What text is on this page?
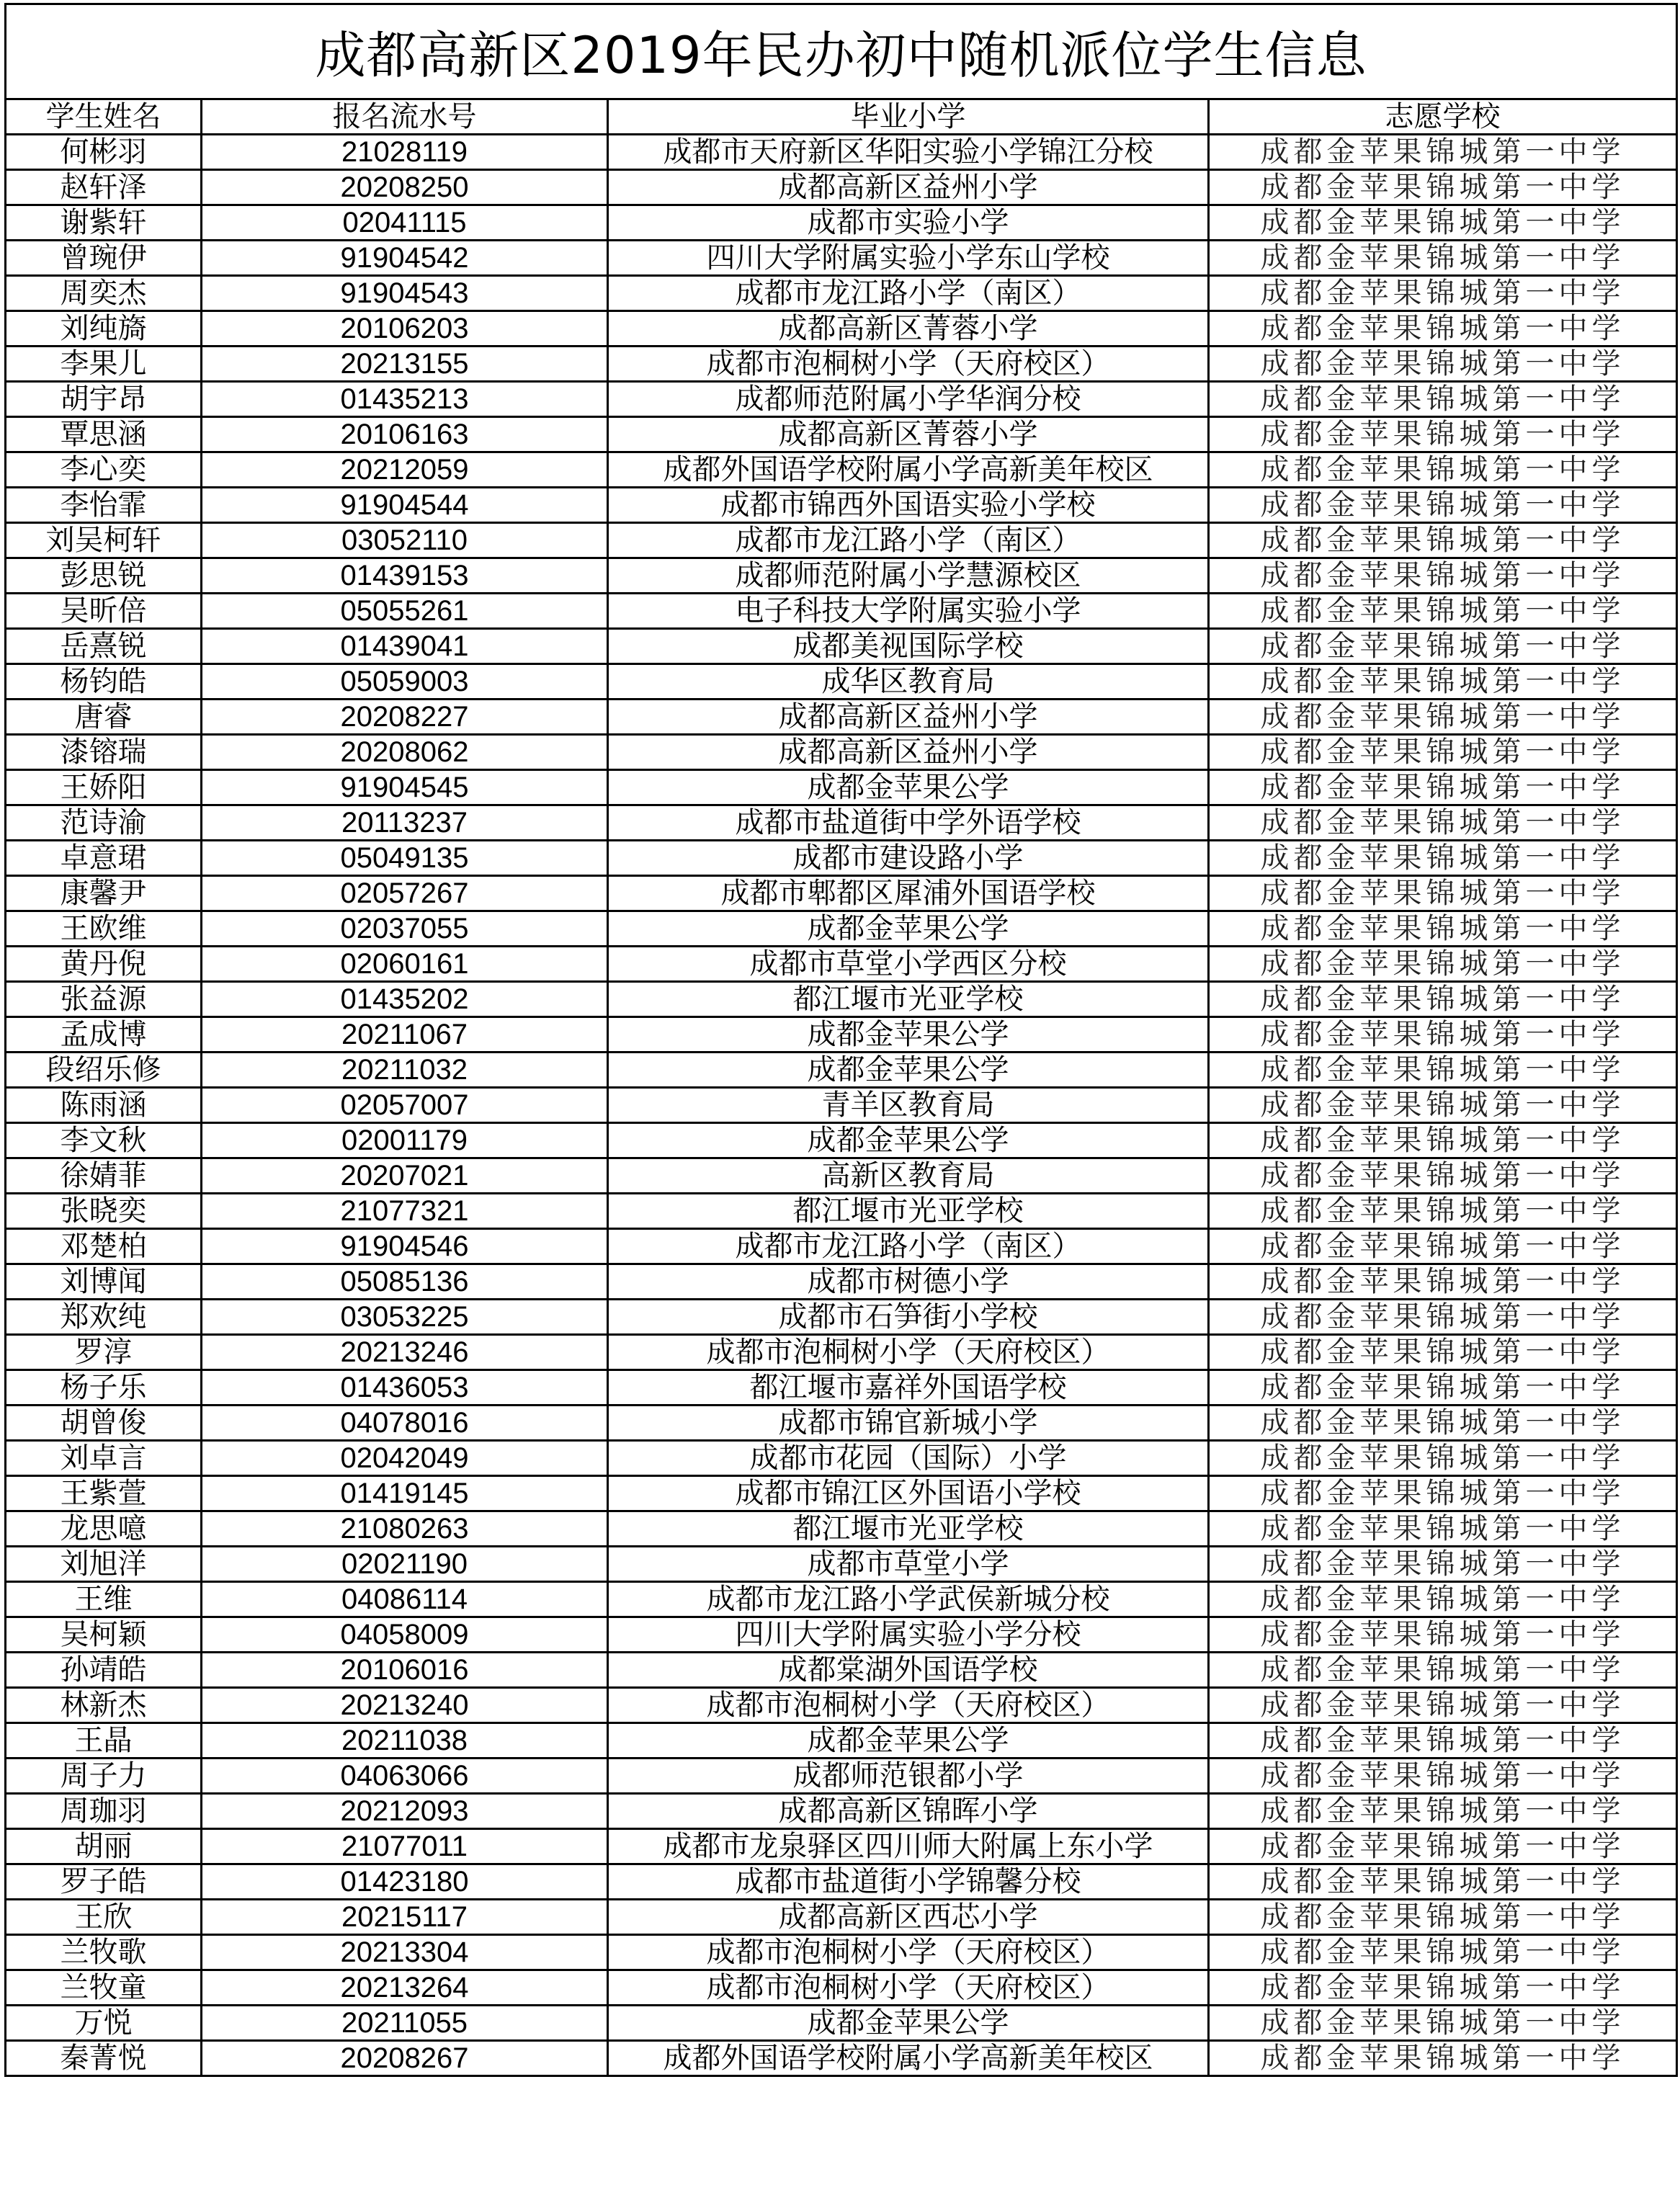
成都高新区2019年民办初中随机派位学生信息			
学生姓名	报名流水号	毕业小学	志愿学校
何彬羽	21028119	成都市天府新区华阳实验小学锦江分校	成都金苹果锦城第一中学
赵轩泽	20208250	成都高新区益州小学	成都金苹果锦城第一中学
谢紫轩	02041115	成都市实验小学	成都金苹果锦城第一中学
曾琬伊	91904542	四川大学附属实验小学东山学校	成都金苹果锦城第一中学
周奕杰	91904543	成都市龙江路小学（南区）	成都金苹果锦城第一中学
刘纯旖	20106203	成都高新区菁蓉小学	成都金苹果锦城第一中学
李果儿	20213155	成都市泡桐树小学（天府校区）	成都金苹果锦城第一中学
胡宇昂	01435213	成都师范附属小学华润分校	成都金苹果锦城第一中学
覃思涵	20106163	成都高新区菁蓉小学	成都金苹果锦城第一中学
李心奕	20212059	成都外国语学校附属小学高新美年校区	成都金苹果锦城第一中学
李怡霏	91904544	成都市锦西外国语实验小学校	成都金苹果锦城第一中学
刘吴柯轩	03052110	成都市龙江路小学（南区）	成都金苹果锦城第一中学
彭思锐	01439153	成都师范附属小学慧源校区	成都金苹果锦城第一中学
吴昕倍	05055261	电子科技大学附属实验小学	成都金苹果锦城第一中学
岳熹锐	01439041	成都美视国际学校	成都金苹果锦城第一中学
杨钧皓	05059003	成华区教育局	成都金苹果锦城第一中学
唐睿	20208227	成都高新区益州小学	成都金苹果锦城第一中学
漆镕瑞	20208062	成都高新区益州小学	成都金苹果锦城第一中学
王娇阳	91904545	成都金苹果公学	成都金苹果锦城第一中学
范诗渝	20113237	成都市盐道街中学外语学校	成都金苹果锦城第一中学
卓意珺	05049135	成都市建设路小学	成都金苹果锦城第一中学
康馨尹	02057267	成都市郫都区犀浦外国语学校	成都金苹果锦城第一中学
王欧维	02037055	成都金苹果公学	成都金苹果锦城第一中学
黄丹倪	02060161	成都市草堂小学西区分校	成都金苹果锦城第一中学
张益源	01435202	都江堰市光亚学校	成都金苹果锦城第一中学
孟成博	20211067	成都金苹果公学	成都金苹果锦城第一中学
段绍乐修	20211032	成都金苹果公学	成都金苹果锦城第一中学
陈雨涵	02057007	青羊区教育局	成都金苹果锦城第一中学
李文秋	02001179	成都金苹果公学	成都金苹果锦城第一中学
徐婧菲	20207021	高新区教育局	成都金苹果锦城第一中学
张晓奕	21077321	都江堰市光亚学校	成都金苹果锦城第一中学
邓楚柏	91904546	成都市龙江路小学（南区）	成都金苹果锦城第一中学
刘博闻	05085136	成都市树德小学	成都金苹果锦城第一中学
郑欢纯	03053225	成都市石笋街小学校	成都金苹果锦城第一中学
罗淳	20213246	成都市泡桐树小学（天府校区）	成都金苹果锦城第一中学
杨子乐	01436053	都江堰市嘉祥外国语学校	成都金苹果锦城第一中学
胡曾俊	04078016	成都市锦官新城小学	成都金苹果锦城第一中学
刘卓言	02042049	成都市花园（国际）小学	成都金苹果锦城第一中学
王紫萱	01419145	成都市锦江区外国语小学校	成都金苹果锦城第一中学
龙思噫	21080263	都江堰市光亚学校	成都金苹果锦城第一中学
刘旭洋	02021190	成都市草堂小学	成都金苹果锦城第一中学
王维	04086114	成都市龙江路小学武侯新城分校	成都金苹果锦城第一中学
吴柯颖	04058009	四川大学附属实验小学分校	成都金苹果锦城第一中学
孙靖皓	20106016	成都棠湖外国语学校	成都金苹果锦城第一中学
林新杰	20213240	成都市泡桐树小学（天府校区）	成都金苹果锦城第一中学
王晶	20211038	成都金苹果公学	成都金苹果锦城第一中学
周子力	04063066	成都师范银都小学	成都金苹果锦城第一中学
周珈羽	20212093	成都高新区锦晖小学	成都金苹果锦城第一中学
胡丽	21077011	成都市龙泉驿区四川师大附属上东小学	成都金苹果锦城第一中学
罗子皓	01423180	成都市盐道街小学锦馨分校	成都金苹果锦城第一中学
王欣	20215117	成都高新区西芯小学	成都金苹果锦城第一中学
兰牧歌	20213304	成都市泡桐树小学（天府校区）	成都金苹果锦城第一中学
兰牧童	20213264	成都市泡桐树小学（天府校区）	成都金苹果锦城第一中学
万悦	20211055	成都金苹果公学	成都金苹果锦城第一中学
秦菁悦	20208267	成都外国语学校附属小学高新美年校区	成都金苹果锦城第一中学
